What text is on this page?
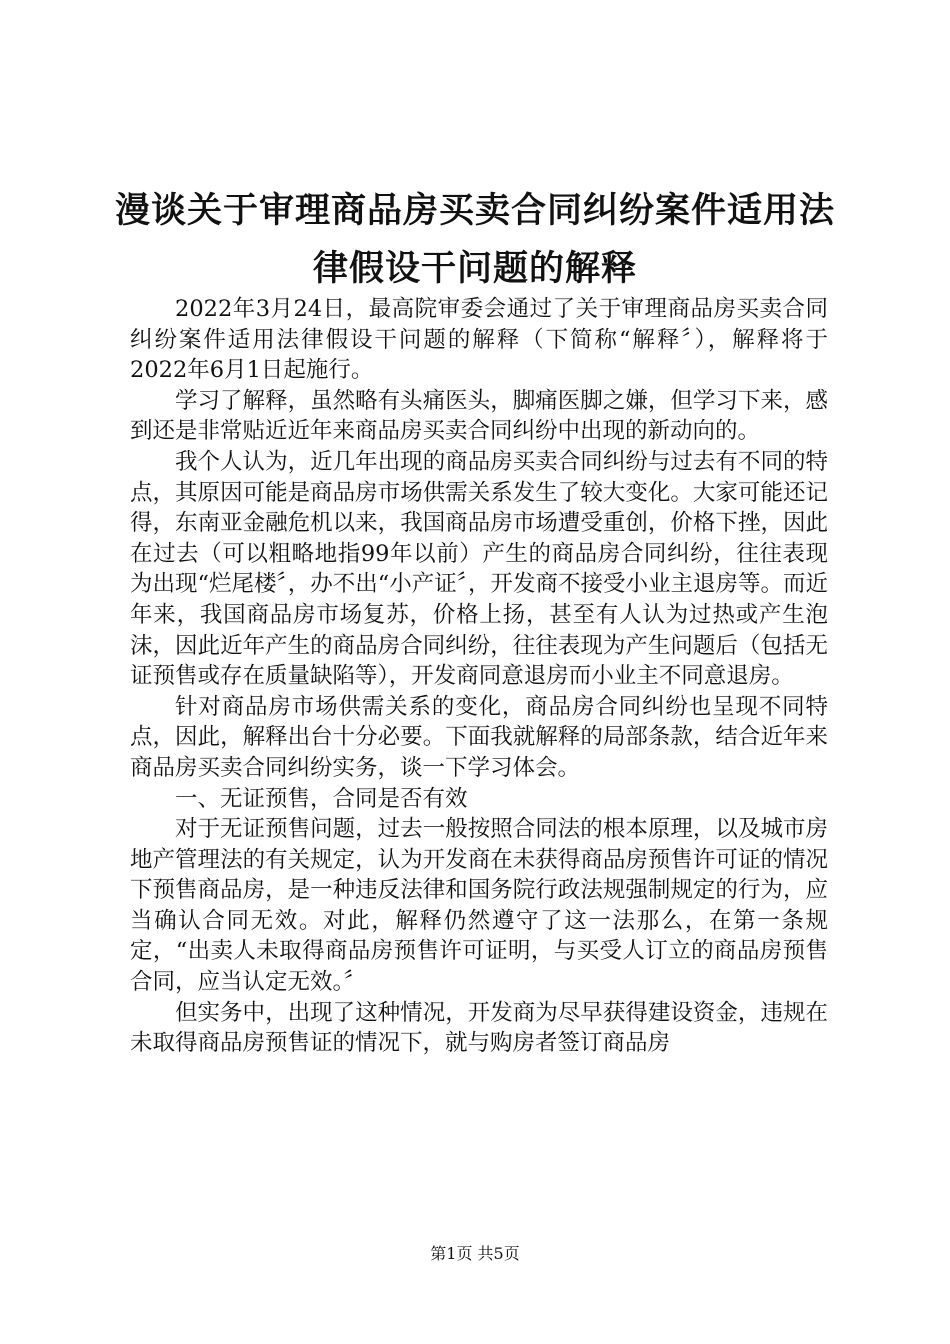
漫谈关于审理商品房买卖合同纠纷案件适用法律假设干问题的解释

2022年3月24日，最高院审委会通过了关于审理商品房买卖合同纠纷案件适用法律假设干问题的解释（下简称“解释〞），解释将于2022年6月1日起施行。

学习了解释，虽然略有头痛医头，脚痛医脚之嫌，但学习下来，感到还是非常贴近近年来商品房买卖合同纠纷中出现的新动向的。

我个人认为，近几年出现的商品房买卖合同纠纷与过去有不同的特点，其原因可能是商品房市场供需关系发生了较大变化。大家可能还记得，东南亚金融危机以来，我国商品房市场遭受重创，价格下挫，因此在过去（可以粗略地指99年以前）产生的商品房合同纠纷，往往表现为出现“烂尾楼〞，办不出“小产证〞，开发商不接受小业主退房等。而近年来，我国商品房市场复苏，价格上扬，甚至有人认为过热或产生泡沫，因此近年产生的商品房合同纠纷，往往表现为产生问题后（包括无证预售或存在质量缺陷等），开发商同意退房而小业主不同意退房。

针对商品房市场供需关系的变化，商品房合同纠纷也呈现不同特点，因此，解释出台十分必要。下面我就解释的局部条款，结合近年来商品房买卖合同纠纷实务，谈一下学习体会。

一、无证预售，合同是否有效

对于无证预售问题，过去一般按照合同法的根本原理，以及城市房地产管理法的有关规定，认为开发商在未获得商品房预售许可证的情况下预售商品房，是一种违反法律和国务院行政法规强制规定的行为，应当确认合同无效。对此，解释仍然遵守了这一法那么，在第一条规定，“出卖人未取得商品房预售许可证明，与买受人订立的商品房预售合同，应当认定无效。〞

但实务中，出现了这种情况，开发商为尽早获得建设资金，违规在未取得商品房预售证的情况下，就与购房者签订商品房

第1页 共5页
